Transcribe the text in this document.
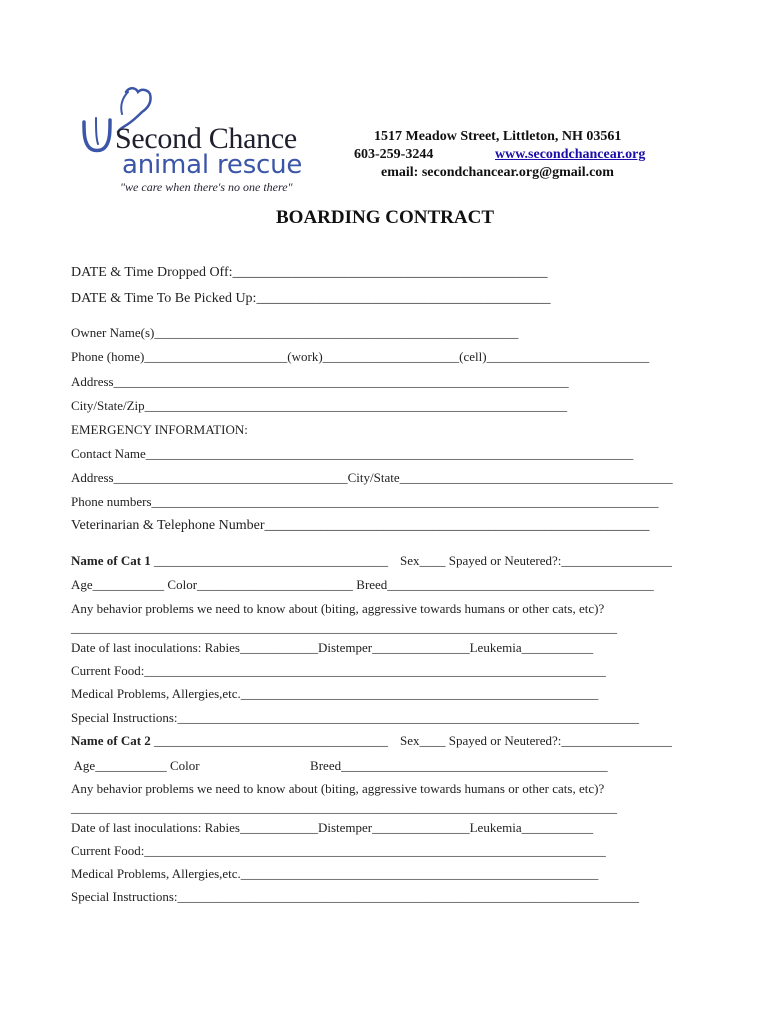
Second Chance
animal rescue
"we care when there's no one there"
1517 Meadow Street, Littleton, NH 03561
603-259-3244	www.secondchancear.org
email: secondchancear.org@gmail.com
BOARDING CONTRACT
DATE & Time Dropped Off:_____________________________________________
DATE & Time To Be Picked Up:__________________________________________
Owner Name(s)________________________________________________________
Phone (home)______________________(work)_____________________(cell)_________________________
Address______________________________________________________________________
City/State/Zip_________________________________________________________________
EMERGENCY INFORMATION:
Contact Name___________________________________________________________________________
Address____________________________________City/State__________________________________________
Phone numbers______________________________________________________________________________
Veterinarian & Telephone Number_______________________________________________________
Name of Cat 1 ____________________________________ Sex____ Spayed or Neutered?:_________________
Age___________ Color________________________ Breed_________________________________________
Any behavior problems we need to know about (biting, aggressive towards humans or other cats, etc)?
____________________________________________________________________________________
Date of last inoculations: Rabies____________Distemper_______________Leukemia___________
Current Food:_______________________________________________________________________
Medical Problems, Allergies,etc._______________________________________________________
Special Instructions:_______________________________________________________________________
Name of Cat 2 ____________________________________ Sex____ Spayed or Neutered?:_________________
Age___________ Color                                  Breed_________________________________________
Any behavior problems we need to know about (biting, aggressive towards humans or other cats, etc)?
____________________________________________________________________________________
Date of last inoculations: Rabies____________Distemper_______________Leukemia___________
Current Food:_______________________________________________________________________
Medical Problems, Allergies,etc._______________________________________________________
Special Instructions:_______________________________________________________________________
